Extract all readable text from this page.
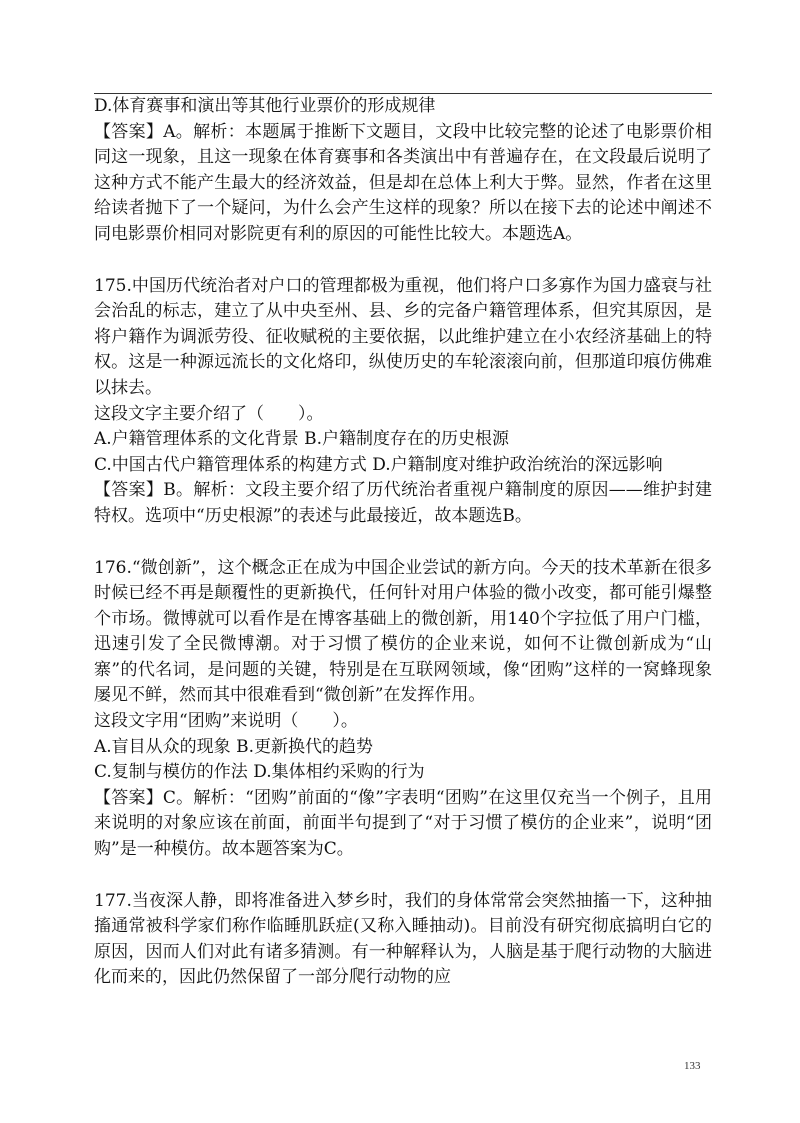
D.体育赛事和演出等其他行业票价的形成规律

【答案】A。解析：本题属于推断下文题目，文段中比较完整的论述了电影票价相同这一现象，且这一现象在体育赛事和各类演出中有普遍存在，在文段最后说明了这种方式不能产生最大的经济效益，但是却在总体上利大于弊。显然，作者在这里给读者抛下了一个疑问，为什么会产生这样的现象？所以在接下去的论述中阐述不同电影票价相同对影院更有利的原因的可能性比较大。本题选A。

175.中国历代统治者对户口的管理都极为重视，他们将户口多寡作为国力盛衰与社会治乱的标志，建立了从中央至州、县、乡的完备户籍管理体系，但究其原因，是将户籍作为调派劳役、征收赋税的主要依据，以此维护建立在小农经济基础上的特权。这是一种源远流长的文化烙印，纵使历史的车轮滚滚向前，但那道印痕仿佛难以抹去。

这段文字主要介绍了（　　）。

A.户籍管理体系的文化背景 B.户籍制度存在的历史根源

C.中国古代户籍管理体系的构建方式 D.户籍制度对维护政治统治的深远影响

【答案】B。解析：文段主要介绍了历代统治者重视户籍制度的原因——维护封建特权。选项中“历史根源”的表述与此最接近，故本题选B。

176.“微创新”，这个概念正在成为中国企业尝试的新方向。今天的技术革新在很多时候已经不再是颠覆性的更新换代，任何针对用户体验的微小改变，都可能引爆整个市场。微博就可以看作是在博客基础上的微创新，用140个字拉低了用户门槛，迅速引发了全民微博潮。对于习惯了模仿的企业来说，如何不让微创新成为“山寨”的代名词，是问题的关键，特别是在互联网领域，像“团购”这样的一窝蜂现象屡见不鲜，然而其中很难看到“微创新”在发挥作用。

这段文字用“团购”来说明（　　）。

A.盲目从众的现象 B.更新换代的趋势

C.复制与模仿的作法 D.集体相约采购的行为

【答案】C。解析：“团购”前面的“像”字表明“团购”在这里仅充当一个例子，且用来说明的对象应该在前面，前面半句提到了“对于习惯了模仿的企业来”，说明“团购”是一种模仿。故本题答案为C。

177.当夜深人静，即将准备进入梦乡时，我们的身体常常会突然抽搐一下，这种抽搐通常被科学家们称作临睡肌跃症(又称入睡抽动)。目前没有研究彻底搞明白它的原因，因而人们对此有诸多猜测。有一种解释认为，人脑是基于爬行动物的大脑进化而来的，因此仍然保留了一部分爬行动物的应

133
